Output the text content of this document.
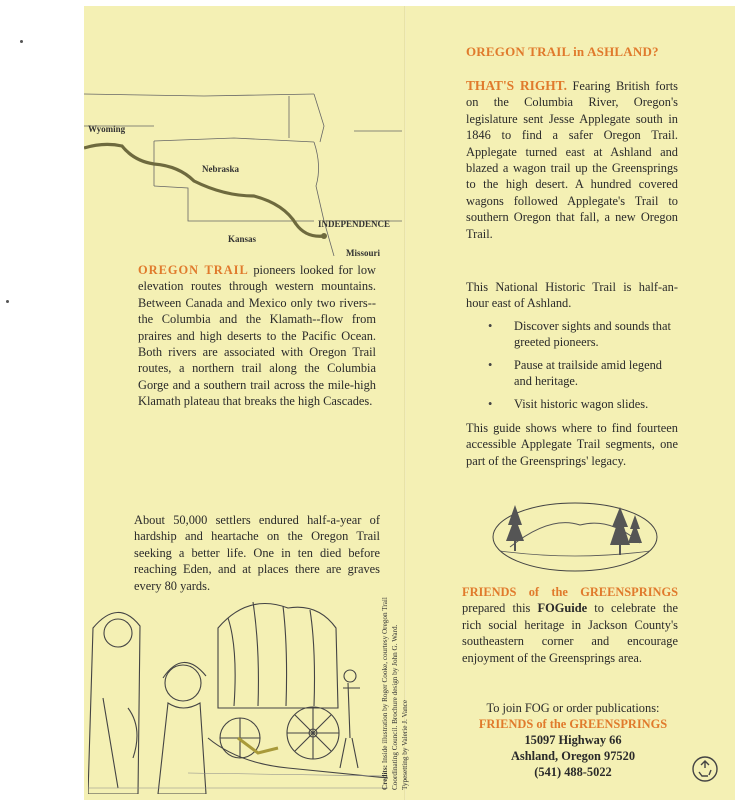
Wyoming
Nebraska
Kansas
INDEPENDENCE
Missouri
OREGON TRAIL pioneers looked for low elevation routes through western mountains. Between Canada and Mexico only two rivers--the Columbia and the Klamath--flow from praires and high deserts to the Pacific Ocean. Both rivers are associated with Oregon Trail routes, a northern trail along the Columbia Gorge and a southern trail across the mile-high Klamath plateau that breaks the high Cascades.
About 50,000 settlers endured half-a-year of hardship and heartache on the Oregon Trail seeking a better life. One in ten died before reaching Eden, and at places there are graves every 80 yards.
Credits: Inside illustration by Roger Cooke, courtesy Oregon Trail Coordinating Council. Brochure design by John G. Ward. Typesetting by Valerie J. Vance
OREGON TRAIL in ASHLAND?
THAT'S RIGHT. Fearing British forts on the Columbia River, Oregon's legislature sent Jesse Applegate south in 1846 to find a safer Oregon Trail. Applegate turned east at Ashland and blazed a wagon trail up the Greensprings to the high desert. A hundred covered wagons followed Applegate's Trail to southern Oregon that fall, a new Oregon Trail.
This National Historic Trail is half-an-hour east of Ashland.
• Discover sights and sounds that greeted pioneers.
• Pause at trailside amid legend and heritage.
• Visit historic wagon slides.
This guide shows where to find fourteen accessible Applegate Trail segments, one part of the Greensprings' legacy.
FRIENDS of the GREENSPRINGS prepared this FOGuide to celebrate the rich social heritage in Jackson County's southeastern corner and encourage enjoyment of the Greensprings area.
To join FOG or order publications:
FRIENDS of the GREENSPRINGS
15097 Highway 66
Ashland, Oregon 97520
(541) 488-5022
